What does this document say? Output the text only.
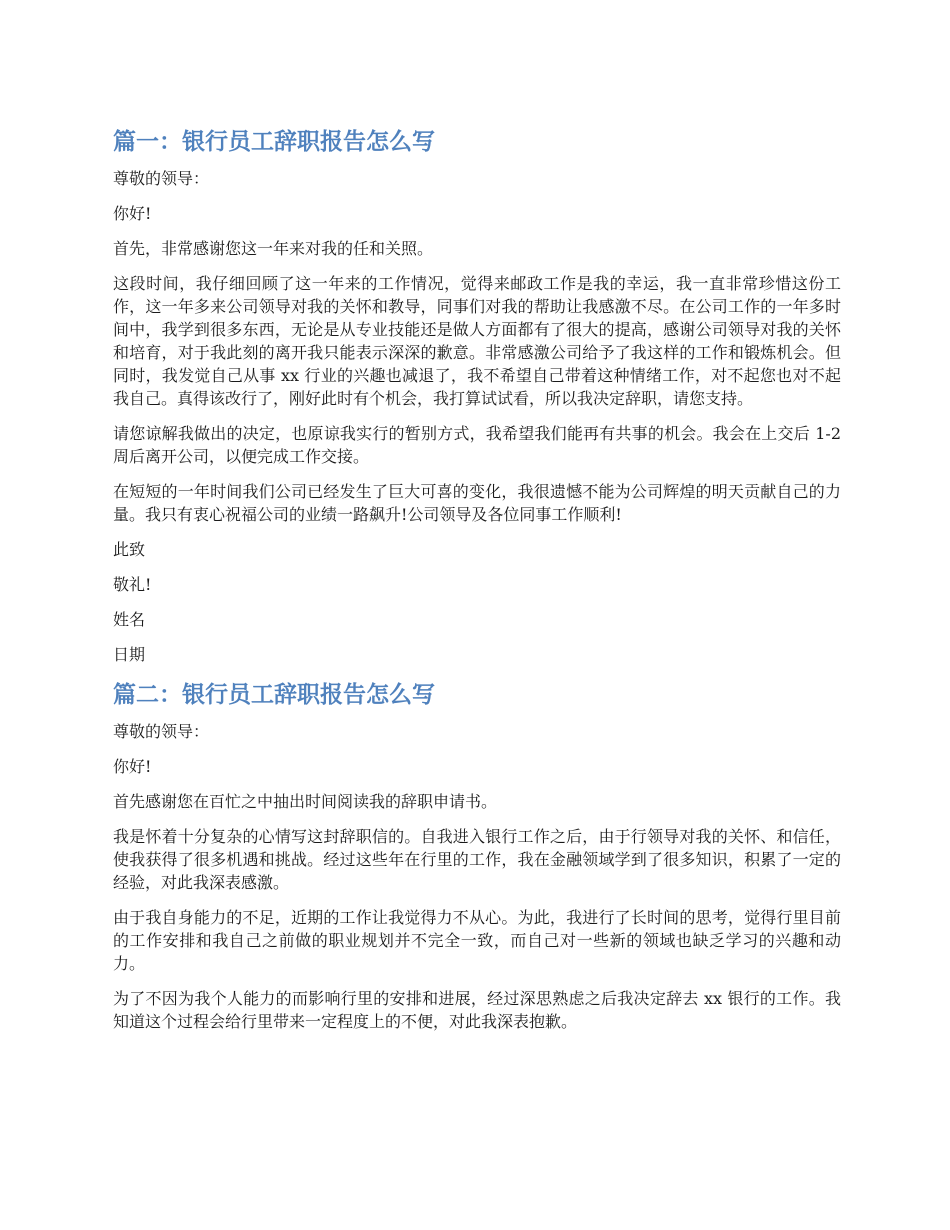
篇一：银行员工辞职报告怎么写

尊敬的领导：

你好!

首先，非常感谢您这一年来对我的任和关照。

这段时间，我仔细回顾了这一年来的工作情况，觉得来邮政工作是我的幸运，我一直非常珍惜这份工作，这一年多来公司领导对我的关怀和教导，同事们对我的帮助让我感激不尽。在公司工作的一年多时间中，我学到很多东西，无论是从专业技能还是做人方面都有了很大的提高，感谢公司领导对我的关怀和培育，对于我此刻的离开我只能表示深深的歉意。非常感激公司给予了我这样的工作和锻炼机会。但同时，我发觉自己从事 xx 行业的兴趣也减退了，我不希望自己带着这种情绪工作，对不起您也对不起我自己。真得该改行了，刚好此时有个机会，我打算试试看，所以我决定辞职，请您支持。

请您谅解我做出的决定，也原谅我实行的暂别方式，我希望我们能再有共事的机会。我会在上交后 1-2 周后离开公司，以便完成工作交接。

在短短的一年时间我们公司已经发生了巨大可喜的变化，我很遗憾不能为公司辉煌的明天贡献自己的力量。我只有衷心祝福公司的业绩一路飙升!公司领导及各位同事工作顺利!

此致

敬礼!

姓名

日期

篇二：银行员工辞职报告怎么写

尊敬的领导：

你好!

首先感谢您在百忙之中抽出时间阅读我的辞职申请书。

我是怀着十分复杂的心情写这封辞职信的。自我进入银行工作之后，由于行领导对我的关怀、和信任，使我获得了很多机遇和挑战。经过这些年在行里的工作，我在金融领域学到了很多知识，积累了一定的经验，对此我深表感激。

由于我自身能力的不足，近期的工作让我觉得力不从心。为此，我进行了长时间的思考，觉得行里目前的工作安排和我自己之前做的职业规划并不完全一致，而自己对一些新的领域也缺乏学习的兴趣和动力。

为了不因为我个人能力的而影响行里的安排和进展，经过深思熟虑之后我决定辞去 xx 银行的工作。我知道这个过程会给行里带来一定程度上的不便，对此我深表抱歉。
